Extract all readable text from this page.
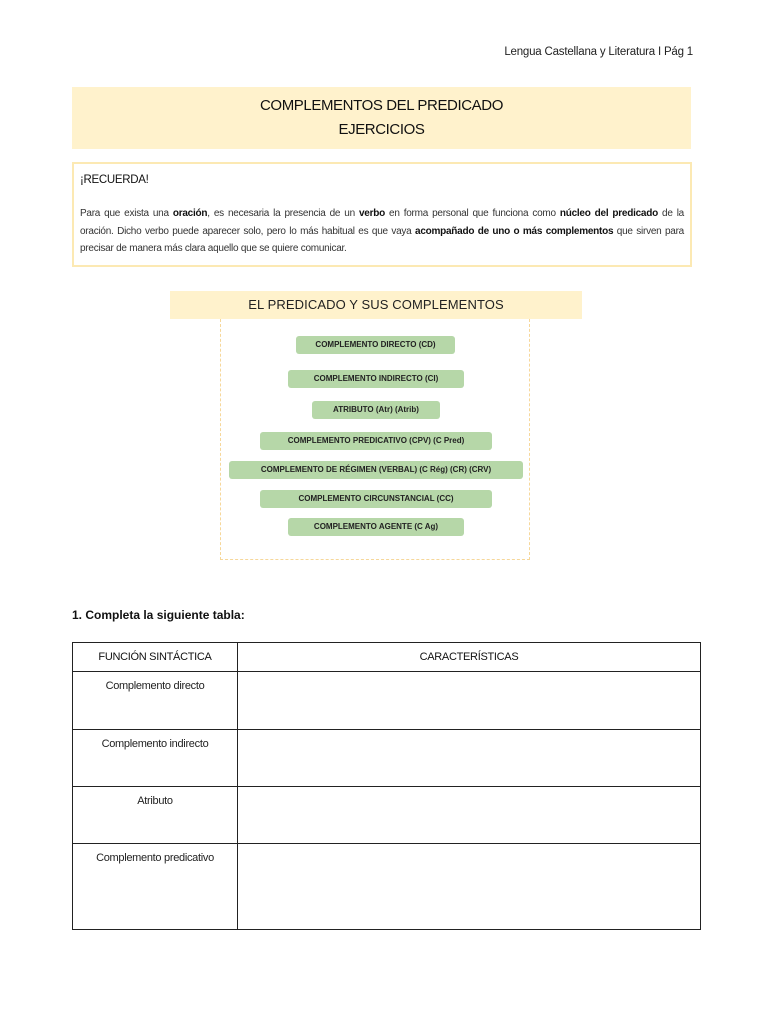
Lengua Castellana y Literatura I Pág 1
COMPLEMENTOS DEL PREDICADO
EJERCICIOS
¡RECUERDA!
Para que exista una oración, es necesaria la presencia de un verbo en forma personal que funciona como núcleo del predicado de la oración. Dicho verbo puede aparecer solo, pero lo más habitual es que vaya acompañado de uno o más complementos que sirven para precisar de manera más clara aquello que se quiere comunicar.
EL PREDICADO Y SUS COMPLEMENTOS
COMPLEMENTO DIRECTO (CD)
COMPLEMENTO INDIRECTO (CI)
ATRIBUTO (Atr) (Atrib)
COMPLEMENTO PREDICATIVO (CPV) (C Pred)
COMPLEMENTO DE RÉGIMEN (VERBAL) (C Rég) (CR) (CRV)
COMPLEMENTO CIRCUNSTANCIAL (CC)
COMPLEMENTO AGENTE (C Ag)
1. Completa la siguiente tabla:
FUNCIÓN SINTÁCTICA	CARACTERÍSTICAS
Complemento directo	
Complemento indirecto	
Atributo	
Complemento predicativo	
